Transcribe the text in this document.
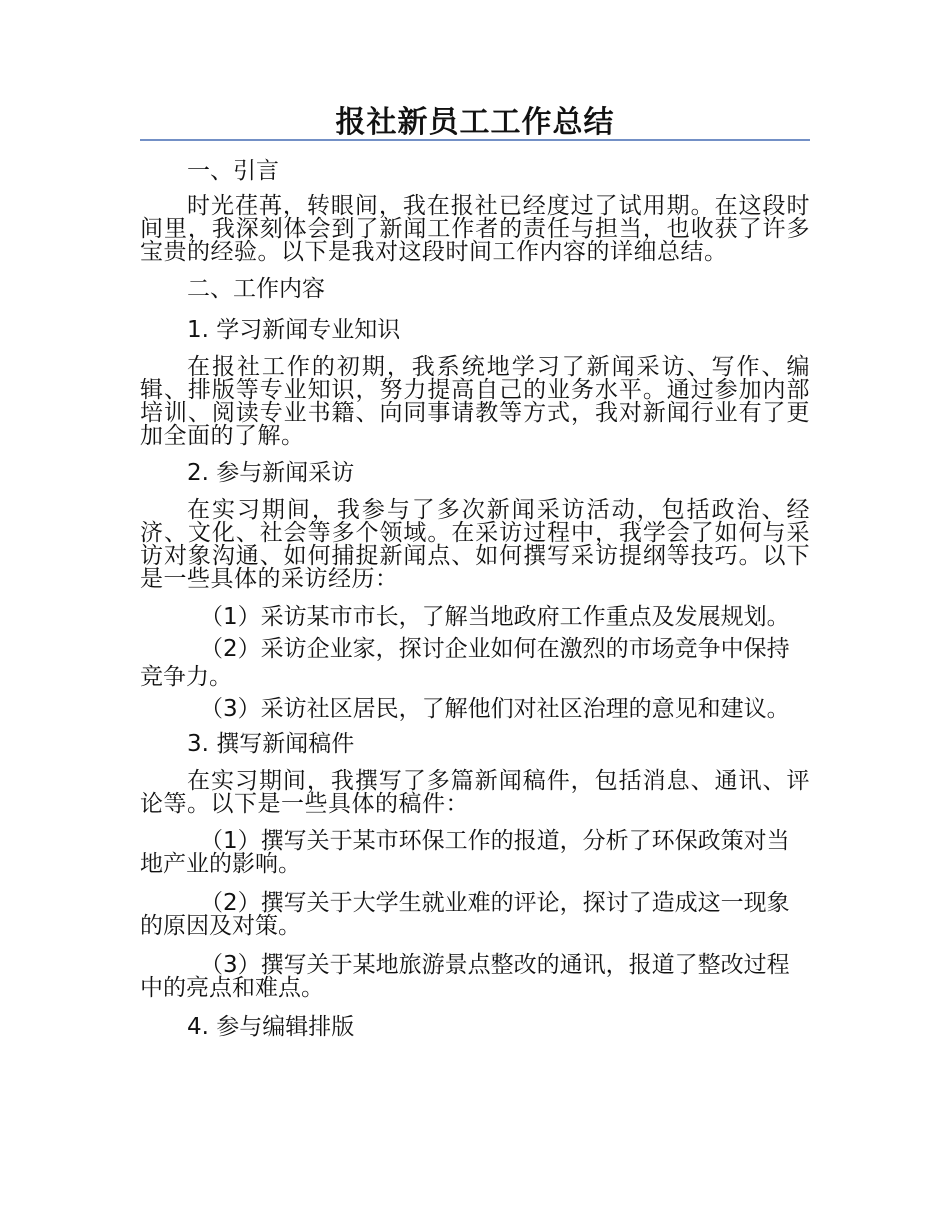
报社新员工工作总结

一、引言

时光荏苒，转眼间，我在报社已经度过了试用期。在这段时间里，我深刻体会到了新闻工作者的责任与担当，也收获了许多宝贵的经验。以下是我对这段时间工作内容的详细总结。

二、工作内容

1. 学习新闻专业知识

在报社工作的初期，我系统地学习了新闻采访、写作、编辑、排版等专业知识，努力提高自己的业务水平。通过参加内部培训、阅读专业书籍、向同事请教等方式，我对新闻行业有了更加全面的了解。

2. 参与新闻采访

在实习期间，我参与了多次新闻采访活动，包括政治、经济、文化、社会等多个领域。在采访过程中，我学会了如何与采访对象沟通、如何捕捉新闻点、如何撰写采访提纲等技巧。以下是一些具体的采访经历：

（1）采访某市市长，了解当地政府工作重点及发展规划。

（2）采访企业家，探讨企业如何在激烈的市场竞争中保持竞争力。

（3）采访社区居民，了解他们对社区治理的意见和建议。

3. 撰写新闻稿件

在实习期间，我撰写了多篇新闻稿件，包括消息、通讯、评论等。以下是一些具体的稿件：

（1）撰写关于某市环保工作的报道，分析了环保政策对当地产业的影响。

（2）撰写关于大学生就业难的评论，探讨了造成这一现象的原因及对策。

（3）撰写关于某地旅游景点整改的通讯，报道了整改过程中的亮点和难点。

4. 参与编辑排版
